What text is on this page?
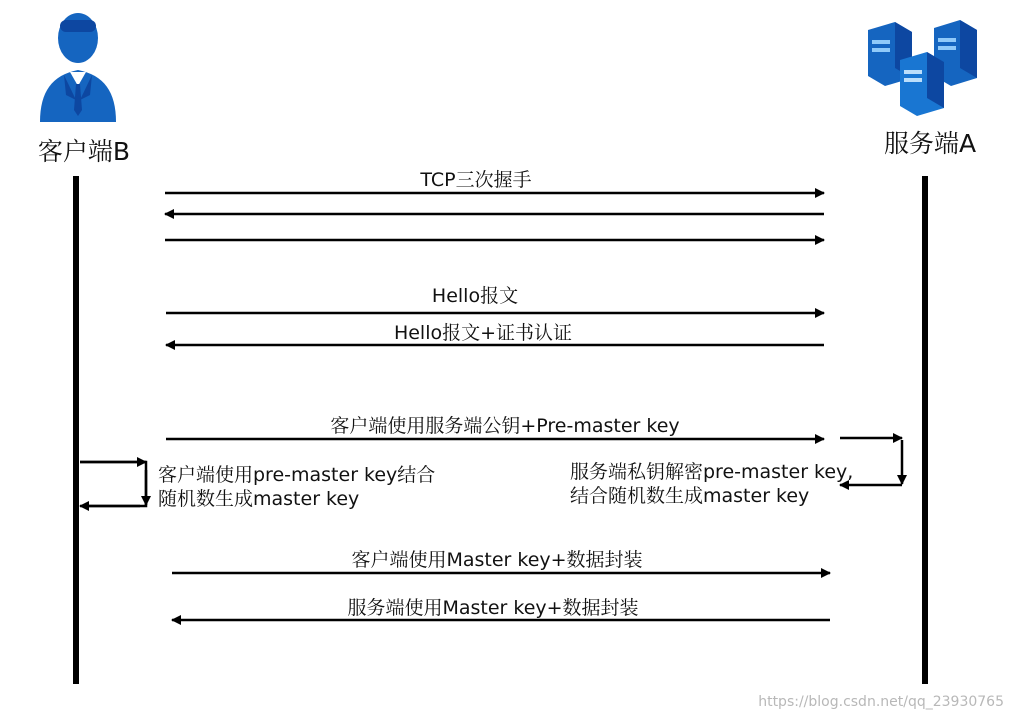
客户端B	服务端A
TCP三次握手
Hello报文
Hello报文+证书认证
客户端使用服务端公钥+Pre-master key
客户端使用pre-master key结合
随机数生成master key
服务端私钥解密pre-master key,
结合随机数生成master key
客户端使用Master key+数据封装
服务端使用Master key+数据封装
https://blog.csdn.net/qq_23930765
